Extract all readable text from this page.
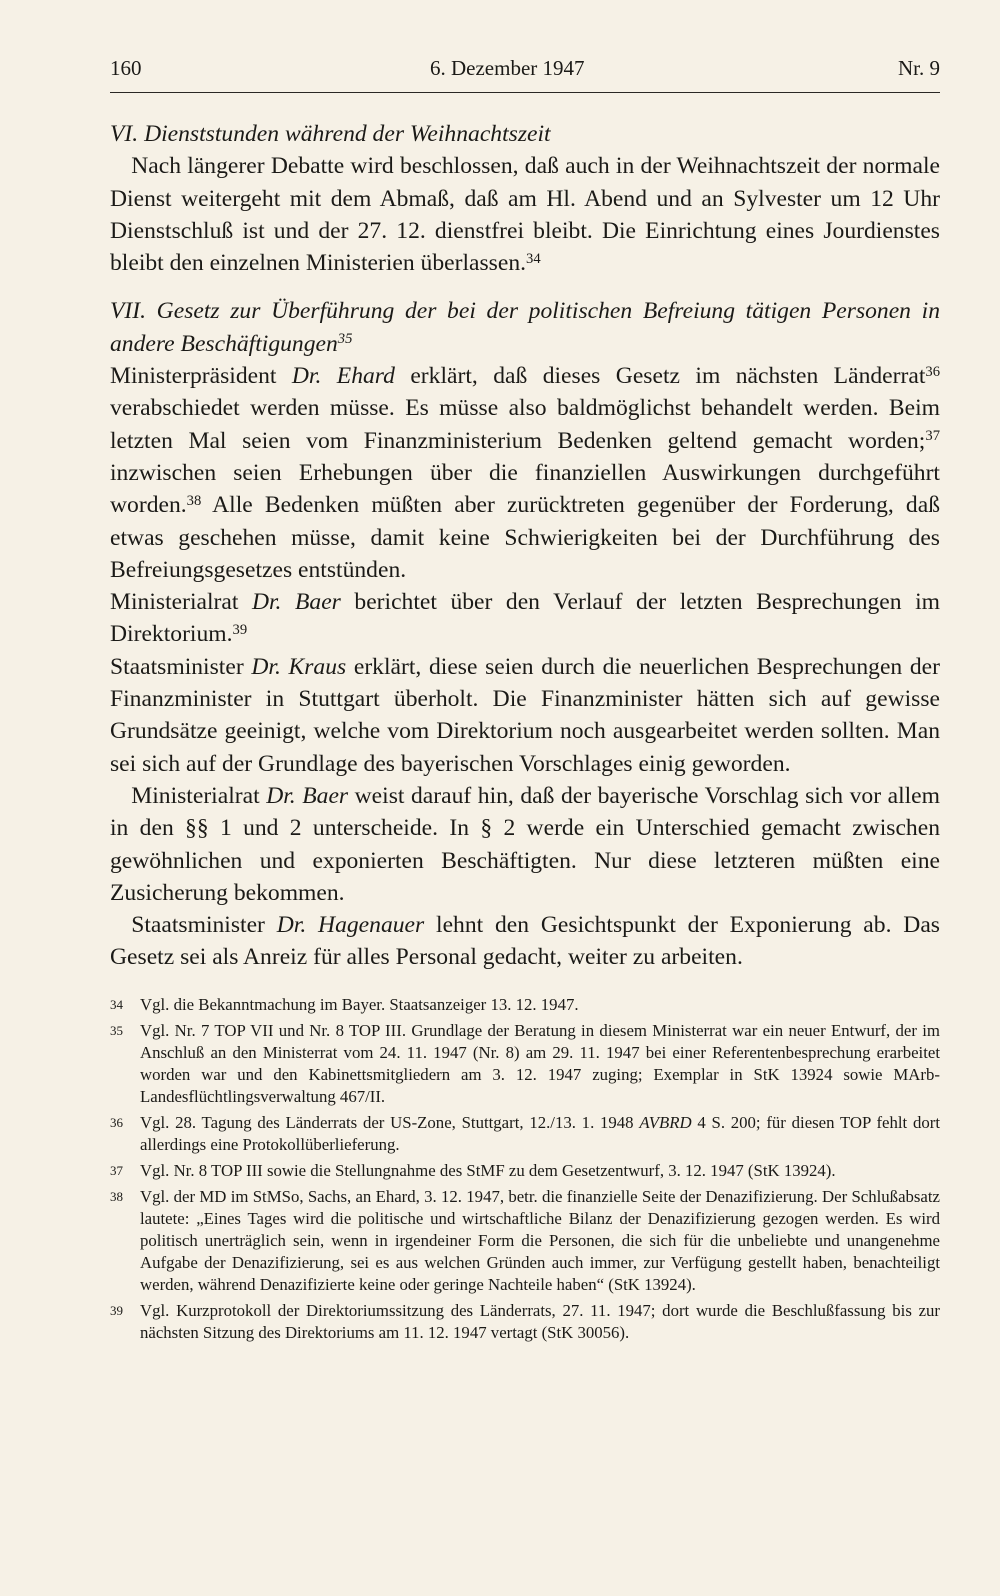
160	6. Dezember 1947	Nr. 9

VI. Dienststunden während der Weihnachtszeit

Nach längerer Debatte wird beschlossen, daß auch in der Weihnachtszeit der normale Dienst weitergeht mit dem Abmaß, daß am Hl. Abend und an Sylvester um 12 Uhr Dienstschluß ist und der 27. 12. dienstfrei bleibt. Die Einrichtung eines Jourdienstes bleibt den einzelnen Ministerien überlassen.$^{34}$

VII. Gesetz zur Überführung der bei der politischen Befreiung tätigen Personen in andere Beschäftigungen$^{35}$

Ministerpräsident Dr. Ehard erklärt, daß dieses Gesetz im nächsten Länderrat$^{36}$ verabschiedet werden müsse. Es müsse also baldmöglichst behandelt werden. Beim letzten Mal seien vom Finanzministerium Bedenken geltend gemacht worden;$^{37}$ inzwischen seien Erhebungen über die finanziellen Auswirkungen durchgeführt worden.$^{38}$ Alle Bedenken müßten aber zurücktreten gegenüber der Forderung, daß etwas geschehen müsse, damit keine Schwierigkeiten bei der Durchführung des Befreiungsgesetzes entstünden.

Ministerialrat Dr. Baer berichtet über den Verlauf der letzten Besprechungen im Direktorium.$^{39}$

Staatsminister Dr. Kraus erklärt, diese seien durch die neuerlichen Besprechungen der Finanzminister in Stuttgart überholt. Die Finanzminister hätten sich auf gewisse Grundsätze geeinigt, welche vom Direktorium noch ausgearbeitet werden sollten. Man sei sich auf der Grundlage des bayerischen Vorschlages einig geworden.

Ministerialrat Dr. Baer weist darauf hin, daß der bayerische Vorschlag sich vor allem in den §§ 1 und 2 unterscheide. In § 2 werde ein Unterschied gemacht zwischen gewöhnlichen und exponierten Beschäftigten. Nur diese letzteren müßten eine Zusicherung bekommen.

Staatsminister Dr. Hagenauer lehnt den Gesichtspunkt der Exponierung ab. Das Gesetz sei als Anreiz für alles Personal gedacht, weiter zu arbeiten.

34 Vgl. die Bekanntmachung im Bayer. Staatsanzeiger 13. 12. 1947.

35 Vgl. Nr. 7 TOP VII und Nr. 8 TOP III. Grundlage der Beratung in diesem Ministerrat war ein neuer Entwurf, der im Anschluß an den Ministerrat vom 24. 11. 1947 (Nr. 8) am 29. 11. 1947 bei einer Referentenbesprechung erarbeitet worden war und den Kabinettsmitgliedern am 3. 12. 1947 zuging; Exemplar in StK 13924 sowie MArb-Landesflüchtlingsverwaltung 467/II.

36 Vgl. 28. Tagung des Länderrats der US-Zone, Stuttgart, 12./13. 1. 1948 AVBRD 4 S. 200; für diesen TOP fehlt dort allerdings eine Protokollüberlieferung.

37 Vgl. Nr. 8 TOP III sowie die Stellungnahme des StMF zu dem Gesetzentwurf, 3. 12. 1947 (StK 13924).

38 Vgl. der MD im StMSo, Sachs, an Ehard, 3. 12. 1947, betr. die finanzielle Seite der Denazifizierung. Der Schlußabsatz lautete: „Eines Tages wird die politische und wirtschaftliche Bilanz der Denazifizierung gezogen werden. Es wird politisch unerträglich sein, wenn in irgendeiner Form die Personen, die sich für die unbeliebte und unangenehme Aufgabe der Denazifizierung, sei es aus welchen Gründen auch immer, zur Verfügung gestellt haben, benachteiligt werden, während Denazifizierte keine oder geringe Nachteile haben“ (StK 13924).

39 Vgl. Kurzprotokoll der Direktoriumssitzung des Länderrats, 27. 11. 1947; dort wurde die Beschlußfassung bis zur nächsten Sitzung des Direktoriums am 11. 12. 1947 vertagt (StK 30056).
